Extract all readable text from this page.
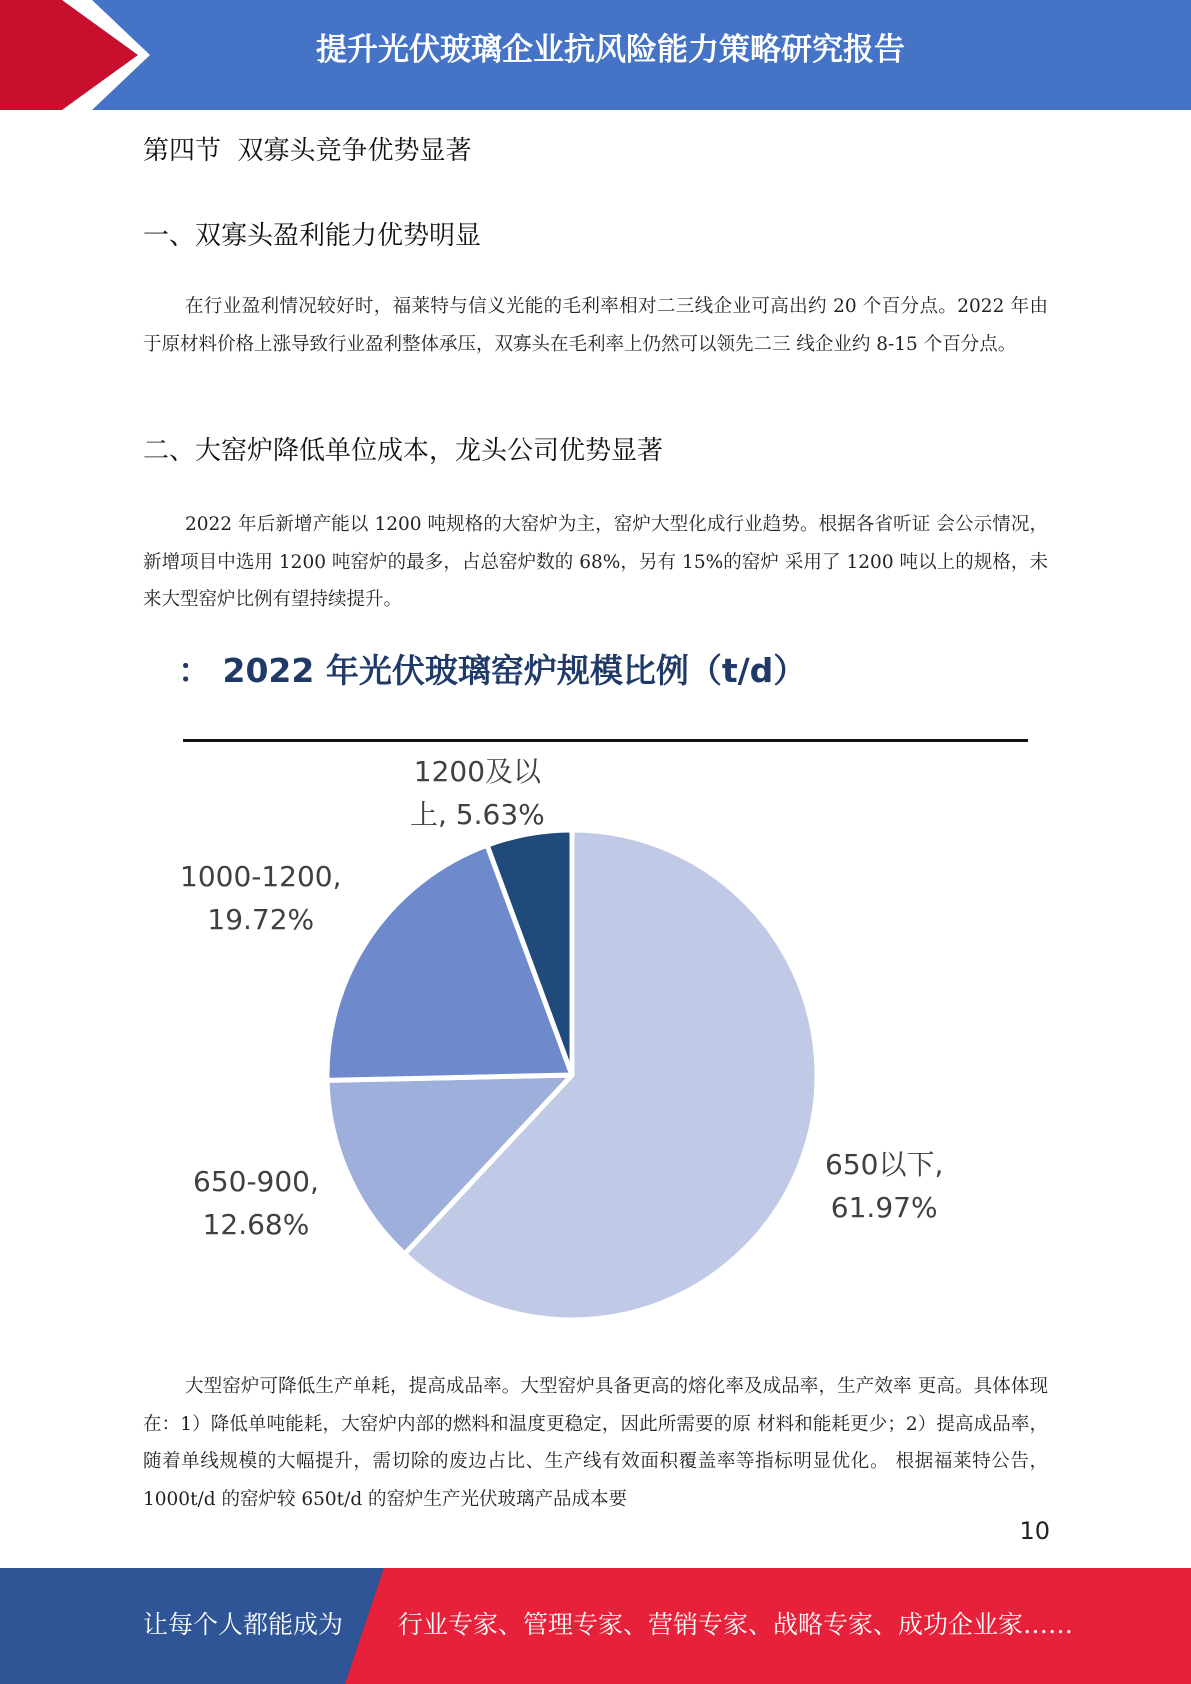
提升光伏玻璃企业抗风险能力策略研究报告
第四节  双寡头竞争优势显著
一、双寡头盈利能力优势明显
在行业盈利情况较好时，福莱特与信义光能的毛利率相对二三线企业可高出约 20 个百分点。2022 年由于原材料价格上涨导致行业盈利整体承压，双寡头在毛利率上仍然可以领先二三 线企业约 8-15 个百分点。
二、大窑炉降低单位成本，龙头公司优势显著
2022 年后新增产能以 1200 吨规格的大窑炉为主，窑炉大型化成行业趋势。根据各省听证 会公示情况，新增项目中选用 1200 吨窑炉的最多，占总窑炉数的 68%，另有 15%的窑炉 采用了 1200 吨以上的规格，未来大型窑炉比例有望持续提升。
： 2022 年光伏玻璃窑炉规模比例（t/d）
650以下,
61.97%
650-900,
12.68%
1000-1200,
19.72%
1200及以
上, 5.63%
大型窑炉可降低生产单耗，提高成品率。大型窑炉具备更高的熔化率及成品率，生产效率 更高。具体体现在：1）降低单吨能耗，大窑炉内部的燃料和温度更稳定，因此所需要的原 材料和能耗更少；2）提高成品率，随着单线规模的大幅提升，需切除的废边占比、生产线有效面积覆盖率等指标明显优化。 根据福莱特公告，1000t/d 的窑炉较 650t/d 的窑炉生产光伏玻璃产品成本要
10
让每个人都能成为 行业专家、管理专家、营销专家、战略专家、成功企业家……
